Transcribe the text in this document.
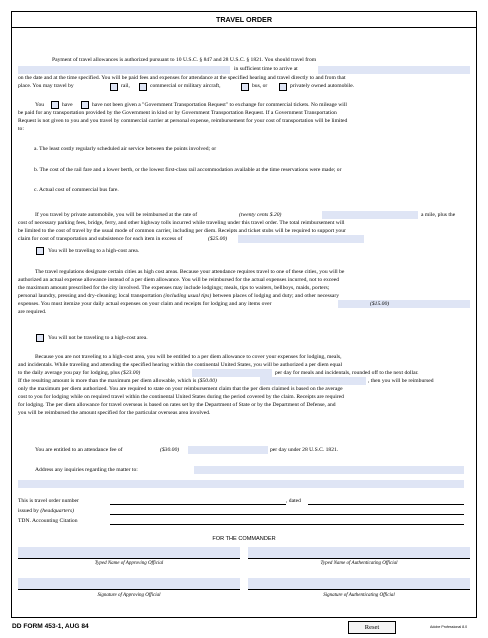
TRAVEL ORDER
Payment of travel allowances is authorized pursuant to 10 U.S.C. § 847 and 28 U.S.C. § 1821. You should travel from
in sufficient time to arrive at
on the date and at the time specified. You will be paid fees and expenses for attendance at the specified hearing and travel directly to and from that
place. You may travel by	rail,	commercial or military aircraft,	bus, or	privately owned automobile.
You	have	have not been given a "Government Transportation Request" to exchange for commercial tickets. No mileage will
be paid for any transportation provided by the Government in kind or by Government Transportation Request. If a Government Transportation
Request is not given to you and you travel by commercial carrier at personal expense, reimbursement for your cost of transportation will be limited
to:
a. The least costly regularly scheduled air service between the points involved; or
b. The cost of the rail fare and a lower berth, or the lowest first-class rail accommodation available at the time reservations were made; or
c. Actual cost of commercial bus fare.
If you travel by private automobile, you will be reimbursed at the rate of	(twenty cents $.20)	a mile, plus the
cost of necessary parking fees, bridge, ferry, and other highway tolls incurred while traveling under this travel order. The total reimbursement will
be limited to the cost of travel by the usual mode of common carrier, including per diem. Receipts and ticket stubs will be required to support your
claim for cost of transportation and subsistence for each item in excess of	($25.00)
You will be traveling to a high-cost area.
The travel regulations designate certain cities as high cost areas. Because your attendance requires travel to one of these cities, you will be
authorized an actual expense allowance instead of a per diem allowance. You will be reimbursed for the actual expenses incurred, not to exceed
the maximum amount prescribed for the city involved. The expenses may include lodgings; meals, tips to waiters, bellboys, maids, porters;
personal laundry, pressing and dry-cleaning; local transportation (including usual tips) between places of lodging and duty; and other necessary
expenses. You must itemize your daily actual expenses on your claim and receipts for lodging and any items over	($15.00)
are required.
You will not be traveling to a high-cost area.
Because you are not traveling to a high-cost area, you will be entitled to a per diem allowance to cover your expenses for lodging, meals,
and incidentals. While traveling and attending the specified hearing within the continental United States, you will be authorized a per diem equal
to the daily average you pay for lodging, plus ($23.00)	per day for meals and incidentals, rounded off to the next dollar.
If the resulting amount is more than the maximum per diem allowable, which is ($50.00)	, then you will be reimbursed
only the maximum per diem authorized. You are required to state on your reimbursement claim that the per diem claimed is based on the average
cost to you for lodging while on required travel within the continental United States during the period covered by the claim. Receipts are required
for lodging. The per diem allowance for travel overseas is based on rates set by the Department of State or by the Department of Defense, and
you will be reimbursed the amount specified for the particular overseas area involved.
You are entitled to an attendance fee of	($30.00)	per day under 28 U.S.C. 1821.
Address any inquiries regarding the matter to:
This is travel order number	, dated
issued by (headquarters)
TDN. Accounting Citation
FOR THE COMMANDER
Typed Name of Approving Official	Typed Name of Authenticating Official
Signature of Approving Official	Signature of Authenticating Official
DD FORM 453-1, AUG 84	Reset	Adobe Professional 8.0
